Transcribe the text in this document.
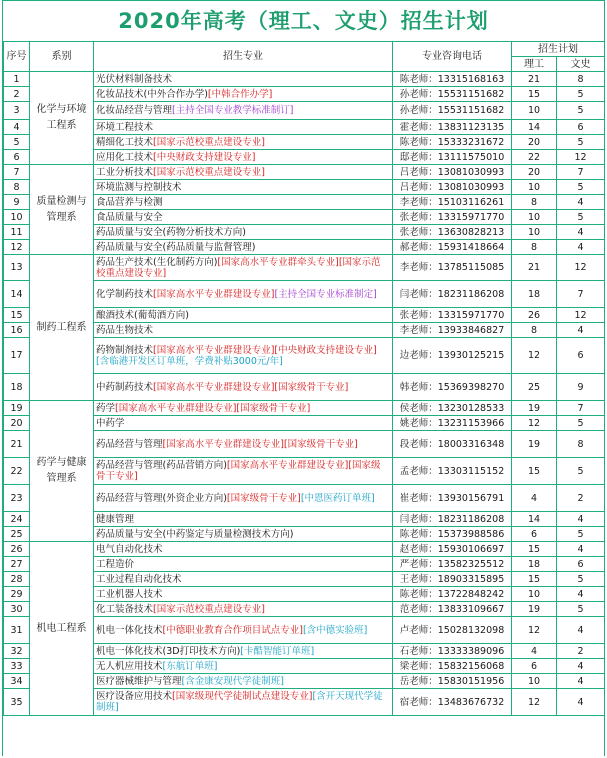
2020年高考（理工、文史）招生计划
序号	系别	招生专业	专业咨询电话	招生计划	
				理工	文史
1	化学与环境工程系	光伏材料制备技术	陈老师：13315168163	21	8
2		化妆品技术(中外合作办学)[中韩合作办学]	孙老师：15531151682	15	5
3		化妆品经营与管理[主持全国专业教学标准制订]	孙老师：15531151682	10	5
4		环境工程技术	霍老师：13831123135	14	6
5		精细化工技术[国家示范校重点建设专业]	陈老师：15333231672	20	5
6		应用化工技术[中央财政支持建设专业]	邸老师：13111575010	22	12
7	质量检测与管理系	工业分析技术[国家示范校重点建设专业]	吕老师：13081030993	20	7
8		环境监测与控制技术	吕老师：13081030993	10	5
9		食品营养与检测	李老师：15103116261	8	4
10		食品质量与安全	张老师：13315971770	10	5
11		药品质量与安全(药物分析技术方向)	张老师：13630828213	10	4
12		药品质量与安全(药品质量与监督管理)	郝老师：15931418664	8	4
13	制药工程系	药品生产技术(生化制药方向)[国家高水平专业群牵头专业][国家示范校重点建设专业]	李老师：13785115085	21	12
14		化学制药技术[国家高水平专业群建设专业][主持全国专业标准制定]	闫老师：18231186208	18	7
15		酿酒技术(葡萄酒方向)	张老师：13315971770	26	12
16		药品生物技术	李老师：13933846827	8	4
17		药物制剂技术[国家高水平专业群建设专业][中央财政支持建设专业][含临港开发区订单班，学费补贴3000元/年]	边老师：13930125215	12	6
18		中药制药技术[国家高水平专业群建设专业][国家级骨干专业]	韩老师：15369398270	25	9
19	药学与健康管理系	药学[国家高水平专业群建设专业][国家级骨干专业]	侯老师：13230128533	19	7
20		中药学	姚老师：13231153966	12	5
21		药品经营与管理[国家高水平专业群建设专业][国家级骨干专业]	段老师：18003316348	19	8
22		药品经营与管理(药品营销方向)[国家高水平专业群建设专业][国家级骨干专业]	孟老师：13303115152	15	5
23		药品经营与管理(外资企业方向)[国家级骨干专业][中恩医药订单班]	崔老师：13930156791	4	2
24		健康管理	闫老师：18231186208	14	4
25		药品质量与安全(中药鉴定与质量检测技术方向)	陈老师：15373988586	6	5
26	机电工程系	电气自动化技术	赵老师：15930106697	15	4
27		工程造价	严老师：13582325512	18	6
28		工业过程自动化技术	王老师：18903315895	15	5
29		工业机器人技术	陈老师：13722848242	10	4
30		化工装备技术[国家示范校重点建设专业]	范老师：13833109667	19	5
31		机电一体化技术[中德职业教育合作项目试点专业][含中德实验班]	卢老师：15028132098	12	4
32		机电一体化技术(3D打印技术方向)[卡酷智能订单班]	石老师：13333389096	4	2
33		无人机应用技术[东航订单班]	梁老师：15832156068	6	4
34		医疗器械维护与管理[含金康安现代学徒制班]	岳老师：15830151956	10	4
35		医疗设备应用技术[国家级现代学徒制试点建设专业][含开天现代学徒制班]	宿老师：13483676732	12	4
